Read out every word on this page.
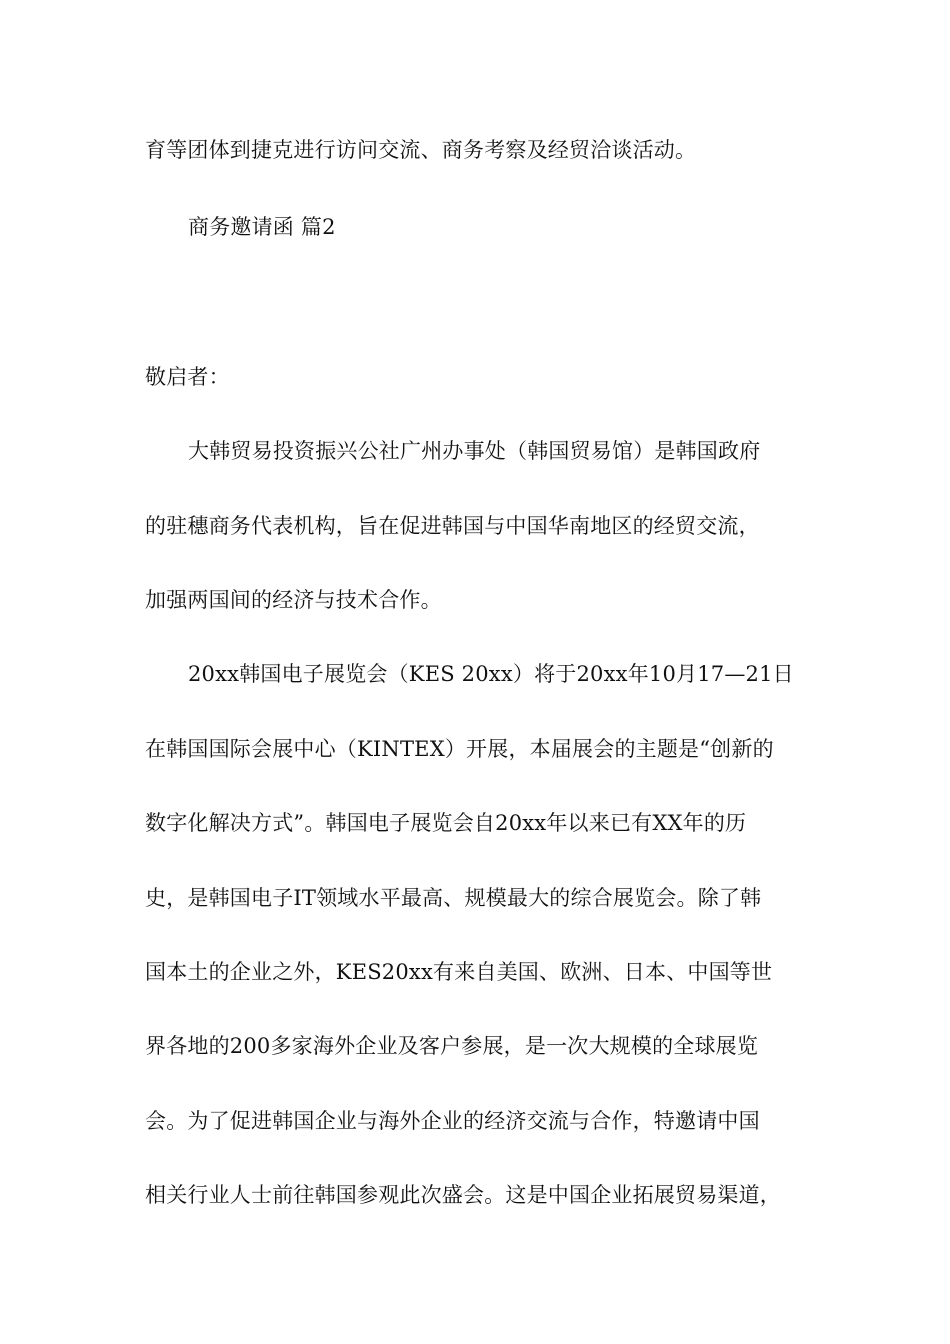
育等团体到捷克进行访问交流、商务考察及经贸洽谈活动。
商务邀请函 篇2
敬启者：
大韩贸易投资振兴公社广州办事处（韩国贸易馆）是韩国政府
的驻穗商务代表机构，旨在促进韩国与中国华南地区的经贸交流，
加强两国间的经济与技术合作。
20xx韩国电子展览会（KES 20xx）将于20xx年10月17—21日
在韩国国际会展中心（KINTEX）开展，本届展会的主题是“创新的
数字化解决方式”。韩国电子展览会自20xx年以来已有XX年的历
史，是韩国电子IT领域水平最高、规模最大的综合展览会。除了韩
国本土的企业之外，KES20xx有来自美国、欧洲、日本、中国等世
界各地的200多家海外企业及客户参展，是一次大规模的全球展览
会。为了促进韩国企业与海外企业的经济交流与合作，特邀请中国
相关行业人士前往韩国参观此次盛会。这是中国企业拓展贸易渠道，
